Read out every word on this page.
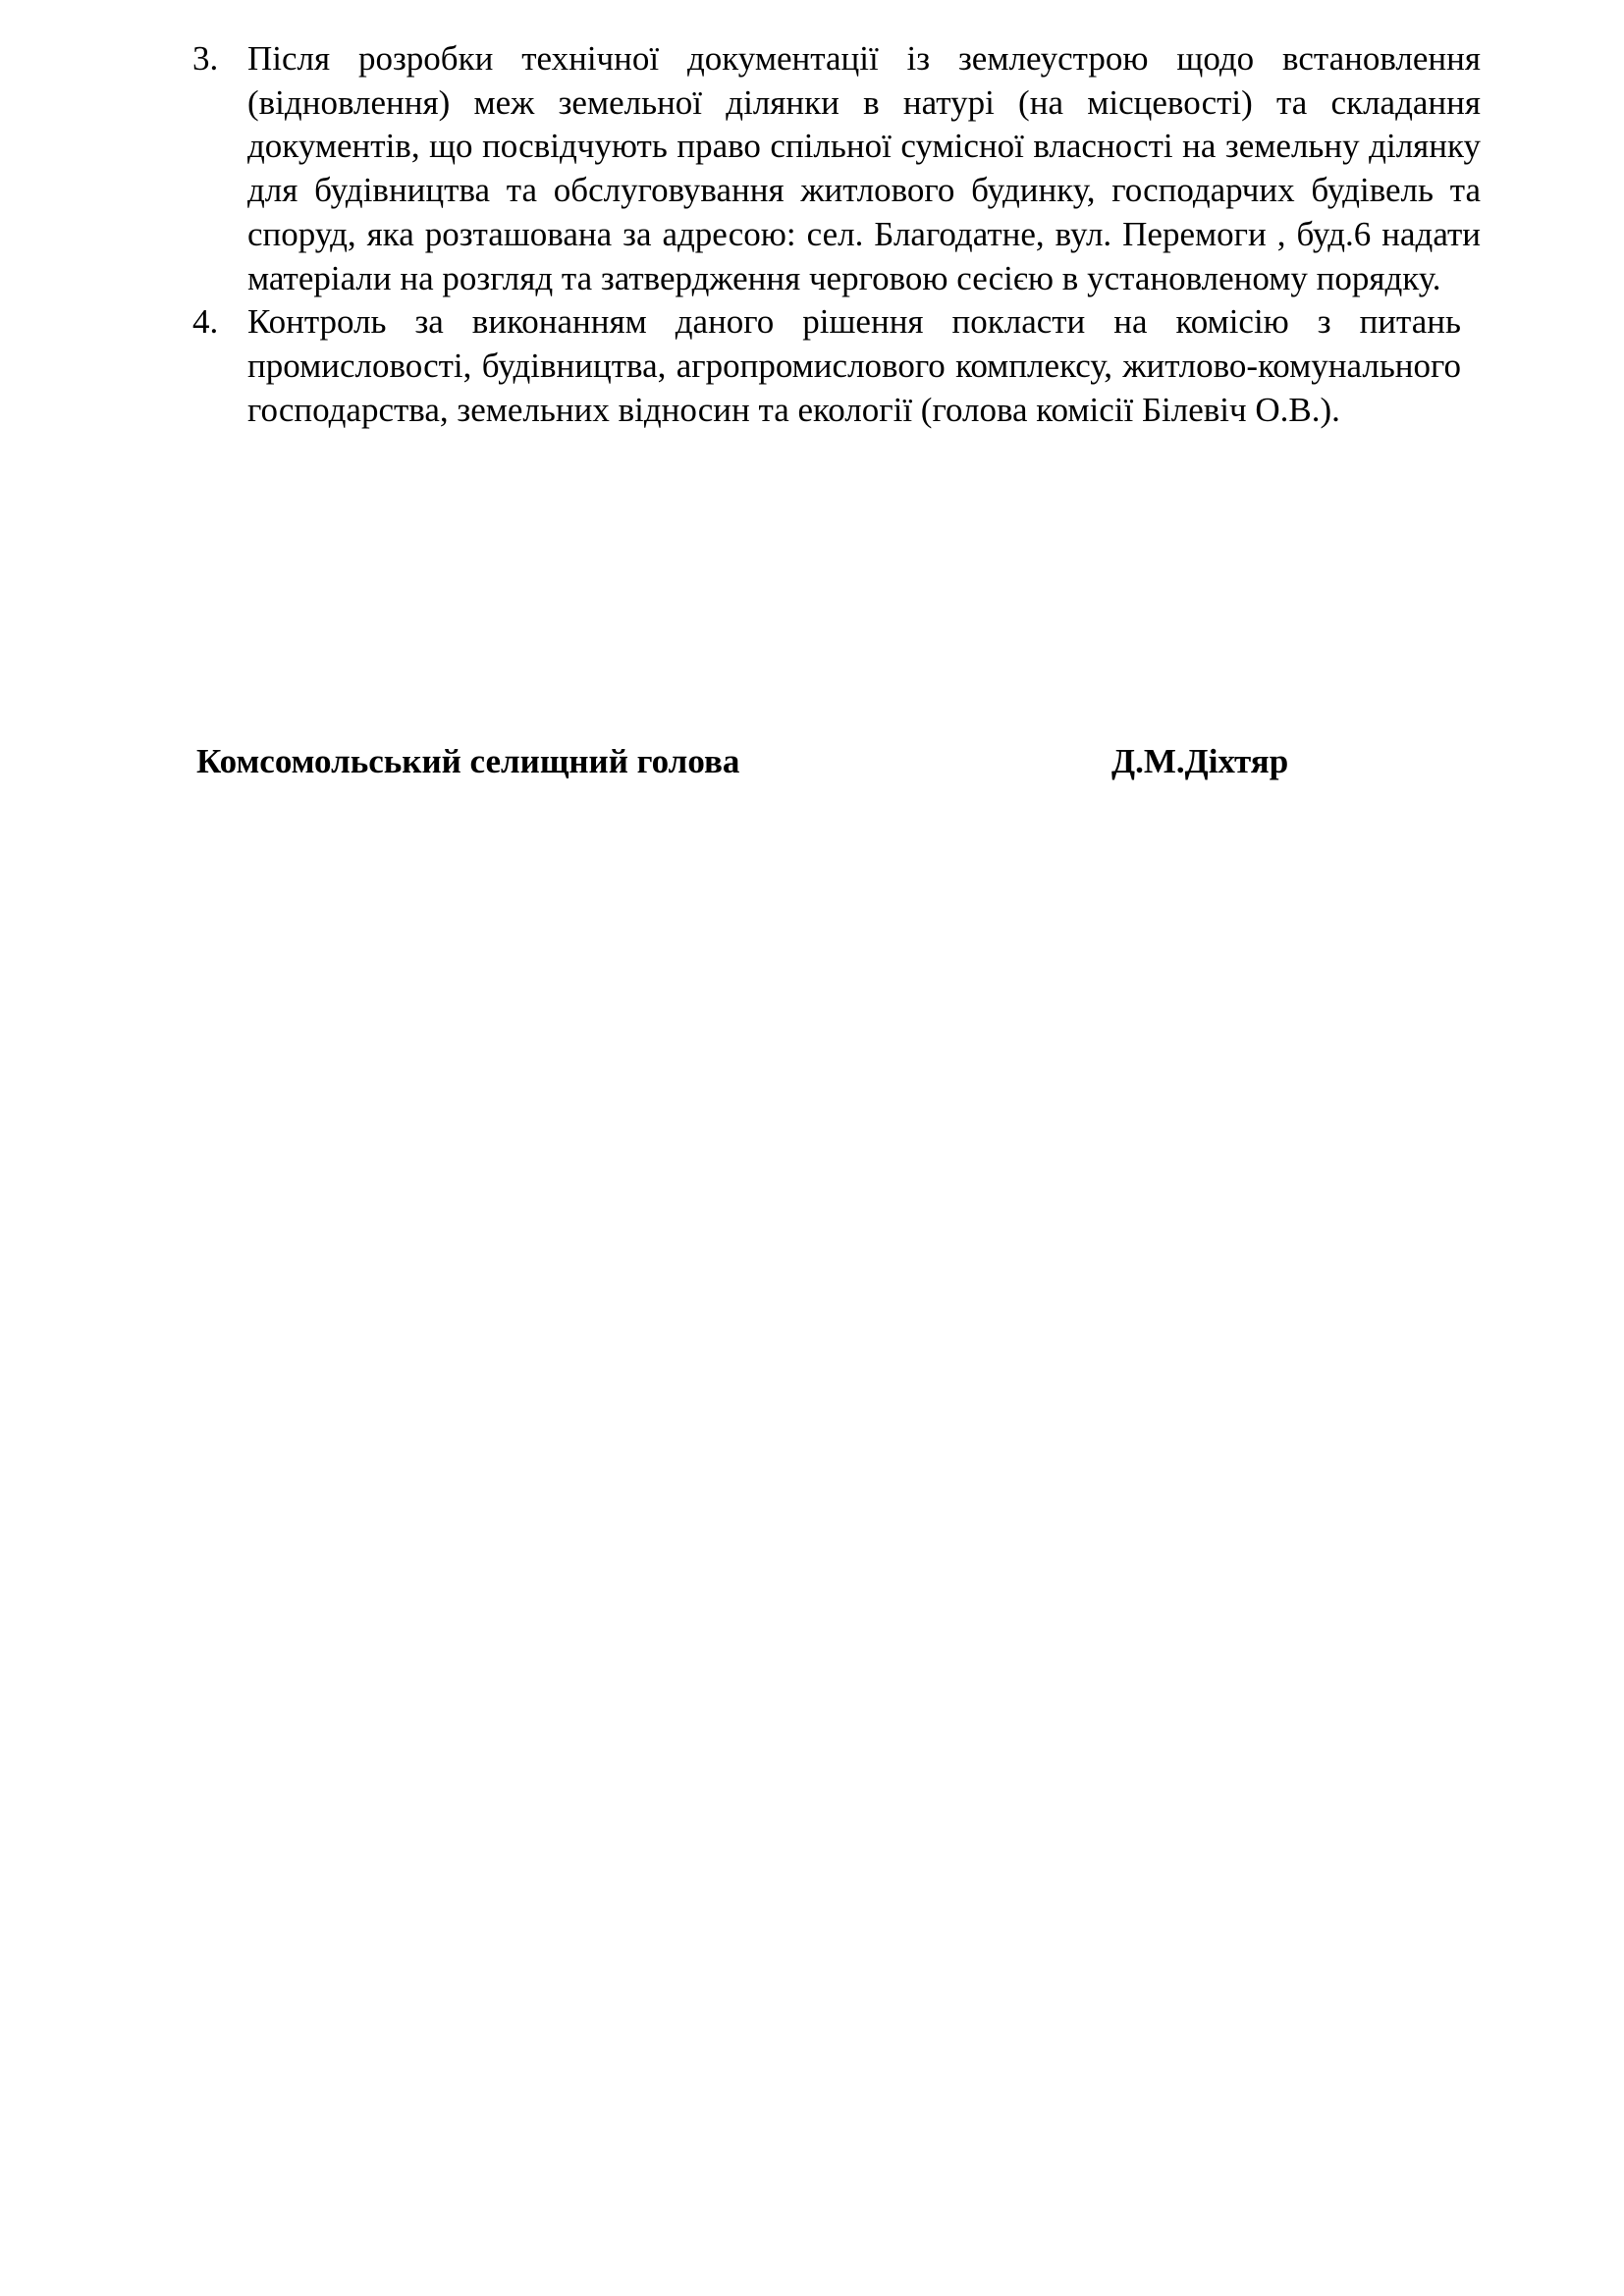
3. Після розробки технічної документації із землеустрою щодо встановлення (відновлення) меж земельної ділянки в натурі (на місцевості) та складання документів, що посвідчують право спільної сумісної власності на земельну ділянку для будівництва та обслуговування житлового будинку, господарчих будівель та споруд, яка розташована за адресою: сел. Благодатне, вул. Перемоги , буд.6 надати матеріали на розгляд та затвердження черговою сесією в установленому порядку.
4. Контроль за виконанням даного рішення покласти на комісію з питань промисловості, будівництва, агропромислового комплексу, житлово-комунального господарства, земельних відносин та екології (голова комісії Білевіч О.В.).
Комсомольський селищний голова	Д.М.Діхтяр
